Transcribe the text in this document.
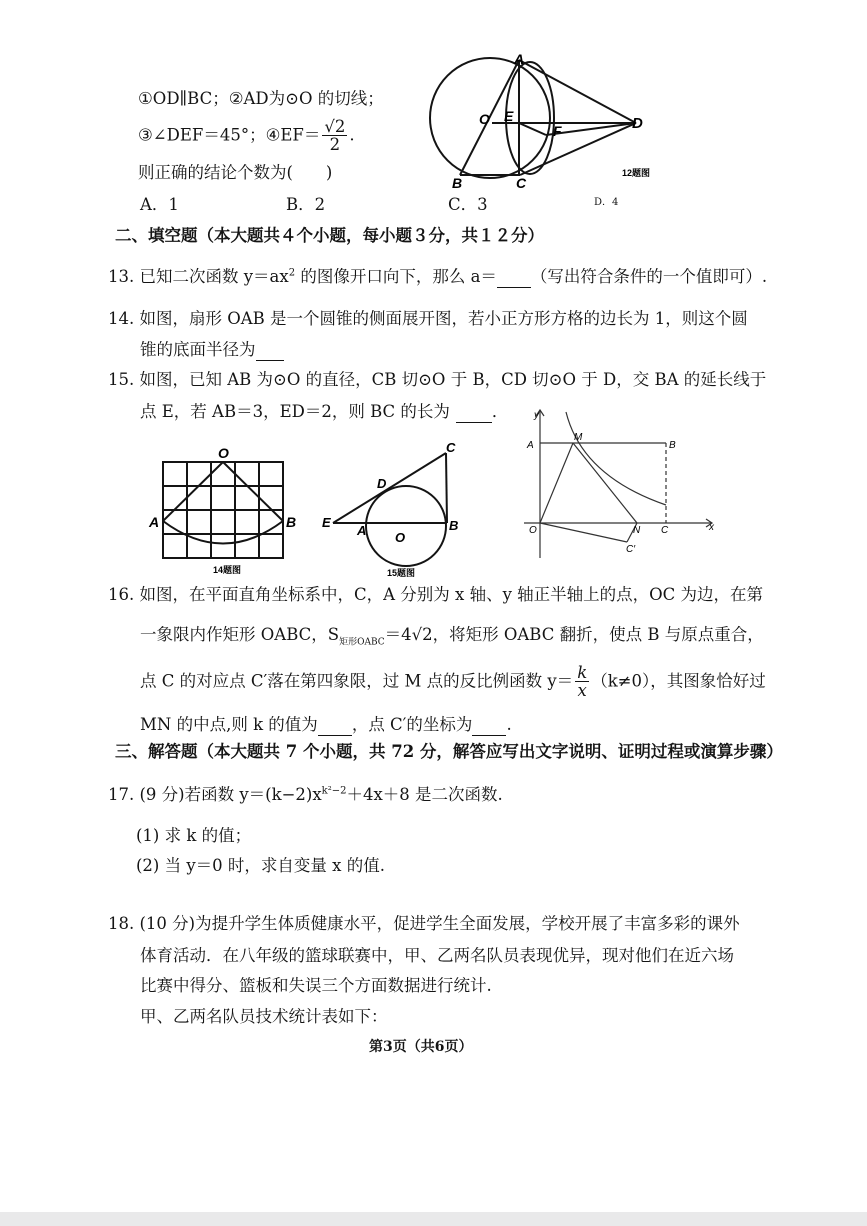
①OD∥BC；②AD为⊙O 的切线；
③∠DEF＝45°；④EF＝ $\frac{√2}{2}$ .
则正确的结论个数为(　　)
A．1	B．2	C．3	D．4
A
O E
F	D
B	C
12题图
二、填空题（本大题共４个小题，每小题３分，共１２分）
13. 已知二次函数 $y=ax^2$ 的图像开口向下，那么 a＝ （写出符合条件的一个值即可）.
14. 如图，扇形 OAB 是一个圆锥的侧面展开图，若小正方形方格的边长为 1，则这个圆
锥的底面半径为
15. 如图，已知 AB 为⊙O 的直径，CB 切⊙O 于 B，CD 切⊙O 于 D，交 BA 的延长线于
点 E，若 AB＝3，ED＝2，则 BC 的长为	．
O
A	B
14题图
C
D
E
A O
B
15题图
y
x
A
M
B
O	N C
C′
16. 如图，在平面直角坐标系中，C，A 分别为 x 轴、y 轴正半轴上的点，OC 为边，在第
一象限内作矩形 OABC，$S_{矩形OABC}=4√2$，将矩形 OABC 翻折，使点 B 与原点重合，
点 C 的对应点 C′落在第四象限，过 M 点的反比例函数 $y= \frac{k}{x} (k\ne 0)$，其图象恰好过
MN 的中点,则 k 的值为 ，点 C′的坐标为 .
三、解答题（本大题共 7 个小题，共 72 分，解答应写出文字说明、证明过程或演算步骤）
17. (9 分)若函数 $y=(k-2)x^{k^2-2}+4x+8$ 是二次函数.
(1) 求 k 的值；
(2) 当 y＝0 时，求自变量 x 的值.
18. (10 分)为提升学生体质健康水平，促进学生全面发展，学校开展了丰富多彩的课外
体育活动．在八年级的篮球联赛中，甲、乙两名队员表现优异，现对他们在近六场
比赛中得分、篮板和失误三个方面数据进行统计.
甲、乙两名队员技术统计表如下：
第3页（共6页）
